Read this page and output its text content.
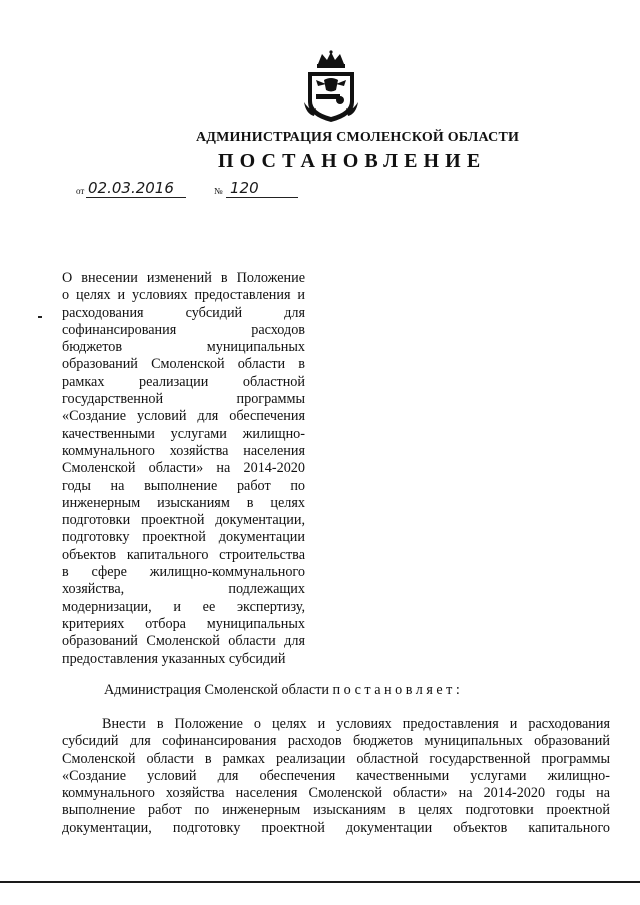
АДМИНИСТРАЦИЯ СМОЛЕНСКОЙ ОБЛАСТИ
ПОСТАНОВЛЕНИЕ
от 02.03.2016	№ 120
О внесении изменений в Положение
о целях и условиях предоставления и
расходования субсидий для
софинансирования расходов
бюджетов муниципальных
образований Смоленской области в
рамках реализации областной
государственной программы
«Создание условий для обеспечения
качественными услугами жилищно-
коммунального хозяйства населения
Смоленской области» на 2014-2020
годы на выполнение работ по
инженерным изысканиям в целях
подготовки проектной документации,
подготовку проектной документации
объектов капитального строительства
в сфере жилищно-коммунального
хозяйства, подлежащих
модернизации, и ее экспертизу,
критериях отбора муниципальных
образований Смоленской области для
предоставления указанных субсидий
Администрация Смоленской области постановляет:
Внести в Положение о целях и условиях предоставления и расходования
субсидий для софинансирования расходов бюджетов муниципальных образований
Смоленской области в рамках реализации областной государственной программы
«Создание условий для обеспечения качественными услугами жилищно-
коммунального хозяйства населения Смоленской области» на 2014-2020 годы на
выполнение работ по инженерным изысканиям в целях подготовки проектной
документации, подготовку проектной документации объектов капитального
